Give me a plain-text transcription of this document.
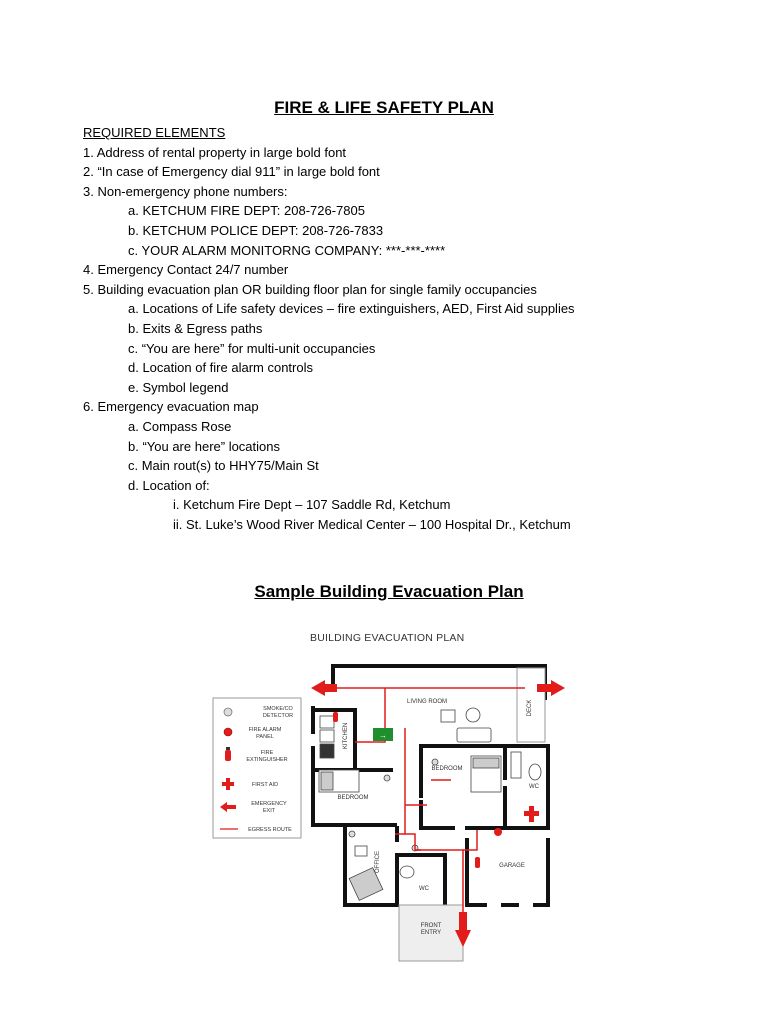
FIRE & LIFE SAFETY PLAN
REQUIRED ELEMENTS
1. Address of rental property in large bold font
2. “In case of Emergency dial 911” in large bold font
3. Non-emergency phone numbers:
a. KETCHUM FIRE DEPT: 208-726-7805
b. KETCHUM POLICE DEPT: 208-726-7833
c. YOUR ALARM MONITORNG COMPANY: ***-***-****
4. Emergency Contact 24/7 number
5. Building evacuation plan OR building floor plan for single family occupancies
a. Locations of Life safety devices – fire extinguishers, AED, First Aid supplies
b. Exits & Egress paths
c. “You are here” for multi-unit occupancies
d. Location of fire alarm controls
e. Symbol legend
6. Emergency evacuation map
a. Compass Rose
b. “You are here” locations
c. Main rout(s) to HHY75/Main St
d. Location of:
i. Ketchum Fire Dept – 107 Saddle Rd, Ketchum
ii. St. Luke’s Wood River Medical Center – 100 Hospital Dr., Ketchum
Sample Building Evacuation Plan
BUILDING EVACUATION PLAN
SMOKE/CO
DETECTOR
FIRE ALARM
PANEL
FIRE
EXTINGUISHER
FIRST AID
EMERGENCY
EXIT
EGRESS ROUTE
DECK
FRONT
ENTRY
LIVING ROOM
KITCHEN
BEDROOM
BEDROOM
WC
OFFICE
WC
GARAGE
→
